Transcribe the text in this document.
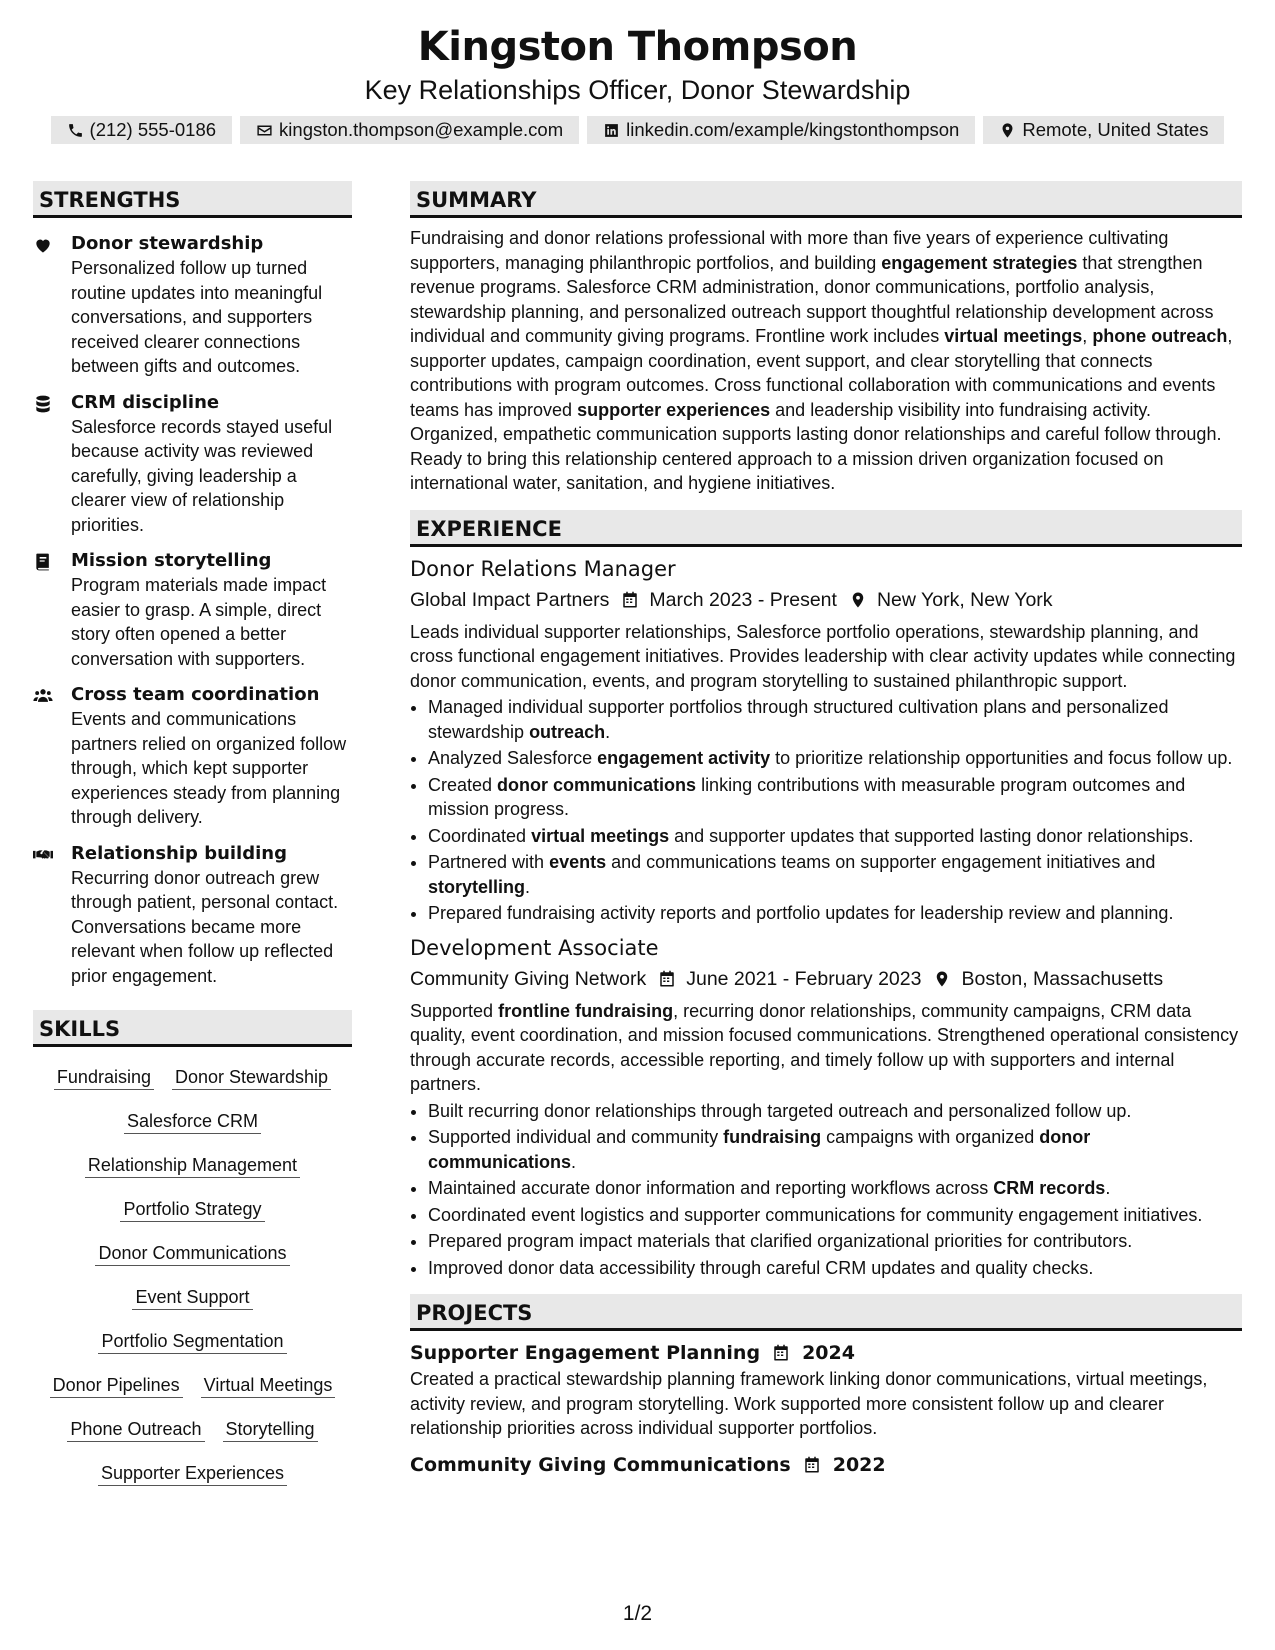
Kingston Thompson
Key Relationships Officer, Donor Stewardship
(212) 555-0186	kingston.thompson@example.com	linkedin.com/example/kingstonthompson	Remote, United States
STRENGTHS
Donor stewardship
Personalized follow up turned routine updates into meaningful conversations, and supporters received clearer connections between gifts and outcomes.
CRM discipline
Salesforce records stayed useful because activity was reviewed carefully, giving leadership a clearer view of relationship priorities.
Mission storytelling
Program materials made impact easier to grasp. A simple, direct story often opened a better conversation with supporters.
Cross team coordination
Events and communications partners relied on organized follow through, which kept supporter experiences steady from planning through delivery.
Relationship building
Recurring donor outreach grew through patient, personal contact. Conversations became more relevant when follow up reflected prior engagement.
SKILLS
Fundraising Donor Stewardship
Salesforce CRM
Relationship Management
Portfolio Strategy
Donor Communications
Event Support
Portfolio Segmentation
Donor Pipelines Virtual Meetings
Phone Outreach Storytelling
Supporter Experiences
SUMMARY

Fundraising and donor relations professional with more than five years of experience cultivating supporters, managing philanthropic portfolios, and building engagement strategies that strengthen revenue programs. Salesforce CRM administration, donor communications, portfolio analysis, stewardship planning, and personalized outreach support thoughtful relationship development across individual and community giving programs. Frontline work includes virtual meetings, phone outreach, supporter updates, campaign coordination, event support, and clear storytelling that connects contributions with program outcomes. Cross functional collaboration with communications and events teams has improved supporter experiences and leadership visibility into fundraising activity. Organized, empathetic communication supports lasting donor relationships and careful follow through. Ready to bring this relationship centered approach to a mission driven organization focused on international water, sanitation, and hygiene initiatives.

EXPERIENCE
Donor Relations Manager
Global Impact Partners March 2023 - Present New York, New York

Leads individual supporter relationships, Salesforce portfolio operations, stewardship planning, and cross functional engagement initiatives. Provides leadership with clear activity updates while connecting donor communication, events, and program storytelling to sustained philanthropic support.

• Managed individual supporter portfolios through structured cultivation plans and personalized stewardship outreach.
• Analyzed Salesforce engagement activity to prioritize relationship opportunities and focus follow up.
• Created donor communications linking contributions with measurable program outcomes and mission progress.
• Coordinated virtual meetings and supporter updates that supported lasting donor relationships.
• Partnered with events and communications teams on supporter engagement initiatives and storytelling.
• Prepared fundraising activity reports and portfolio updates for leadership review and planning.
Development Associate
Community Giving Network June 2021 - February 2023 Boston, Massachusetts

Supported frontline fundraising, recurring donor relationships, community campaigns, CRM data quality, event coordination, and mission focused communications. Strengthened operational consistency through accurate records, accessible reporting, and timely follow up with supporters and internal partners.

• Built recurring donor relationships through targeted outreach and personalized follow up.
• Supported individual and community fundraising campaigns with organized donor communications.
• Maintained accurate donor information and reporting workflows across CRM records.
• Coordinated event logistics and supporter communications for community engagement initiatives.
• Prepared program impact materials that clarified organizational priorities for contributors.
• Improved donor data accessibility through careful CRM updates and quality checks.
PROJECTS
Supporter Engagement Planning 2024

Created a practical stewardship planning framework linking donor communications, virtual meetings, activity review, and program storytelling. Work supported more consistent follow up and clearer relationship priorities across individual supporter portfolios.

Community Giving Communications 2022
1/2
